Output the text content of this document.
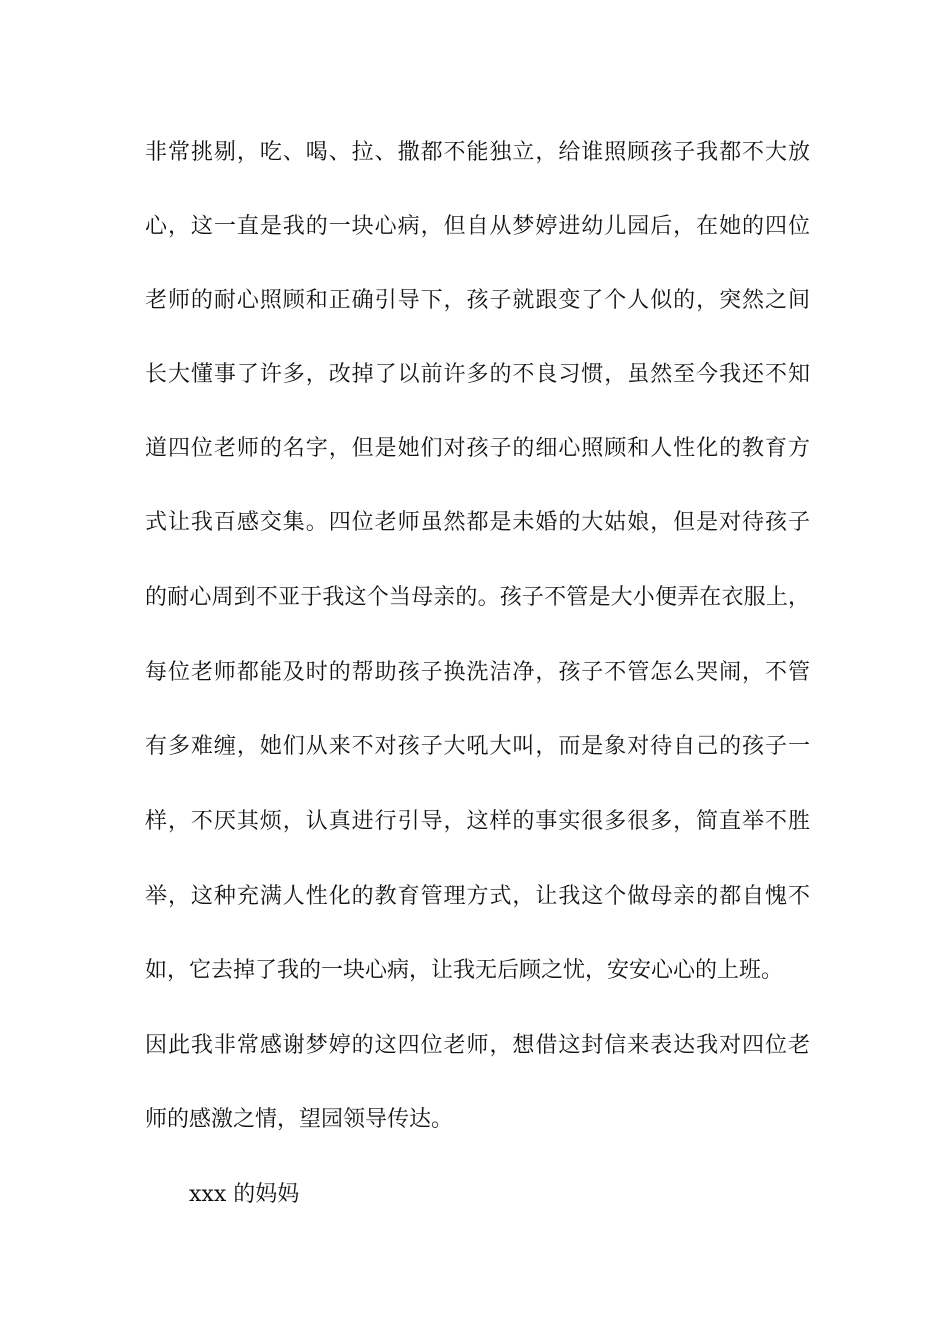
非常挑剔，吃、喝、拉、撒都不能独立，给谁照顾孩子我都不大放
心，这一直是我的一块心病，但自从梦婷进幼儿园后，在她的四位
老师的耐心照顾和正确引导下，孩子就跟变了个人似的，突然之间
长大懂事了许多，改掉了以前许多的不良习惯，虽然至今我还不知
道四位老师的名字，但是她们对孩子的细心照顾和人性化的教育方
式让我百感交集。四位老师虽然都是未婚的大姑娘，但是对待孩子
的耐心周到不亚于我这个当母亲的。孩子不管是大小便弄在衣服上，
每位老师都能及时的帮助孩子换洗洁净，孩子不管怎么哭闹，不管
有多难缠，她们从来不对孩子大吼大叫，而是象对待自己的孩子一
样，不厌其烦，认真进行引导，这样的事实很多很多，简直举不胜
举，这种充满人性化的教育管理方式，让我这个做母亲的都自愧不
如，它去掉了我的一块心病，让我无后顾之忧，安安心心的上班。
因此我非常感谢梦婷的这四位老师，想借这封信来表达我对四位老
师的感激之情，望园领导传达。
xxx 的妈妈
